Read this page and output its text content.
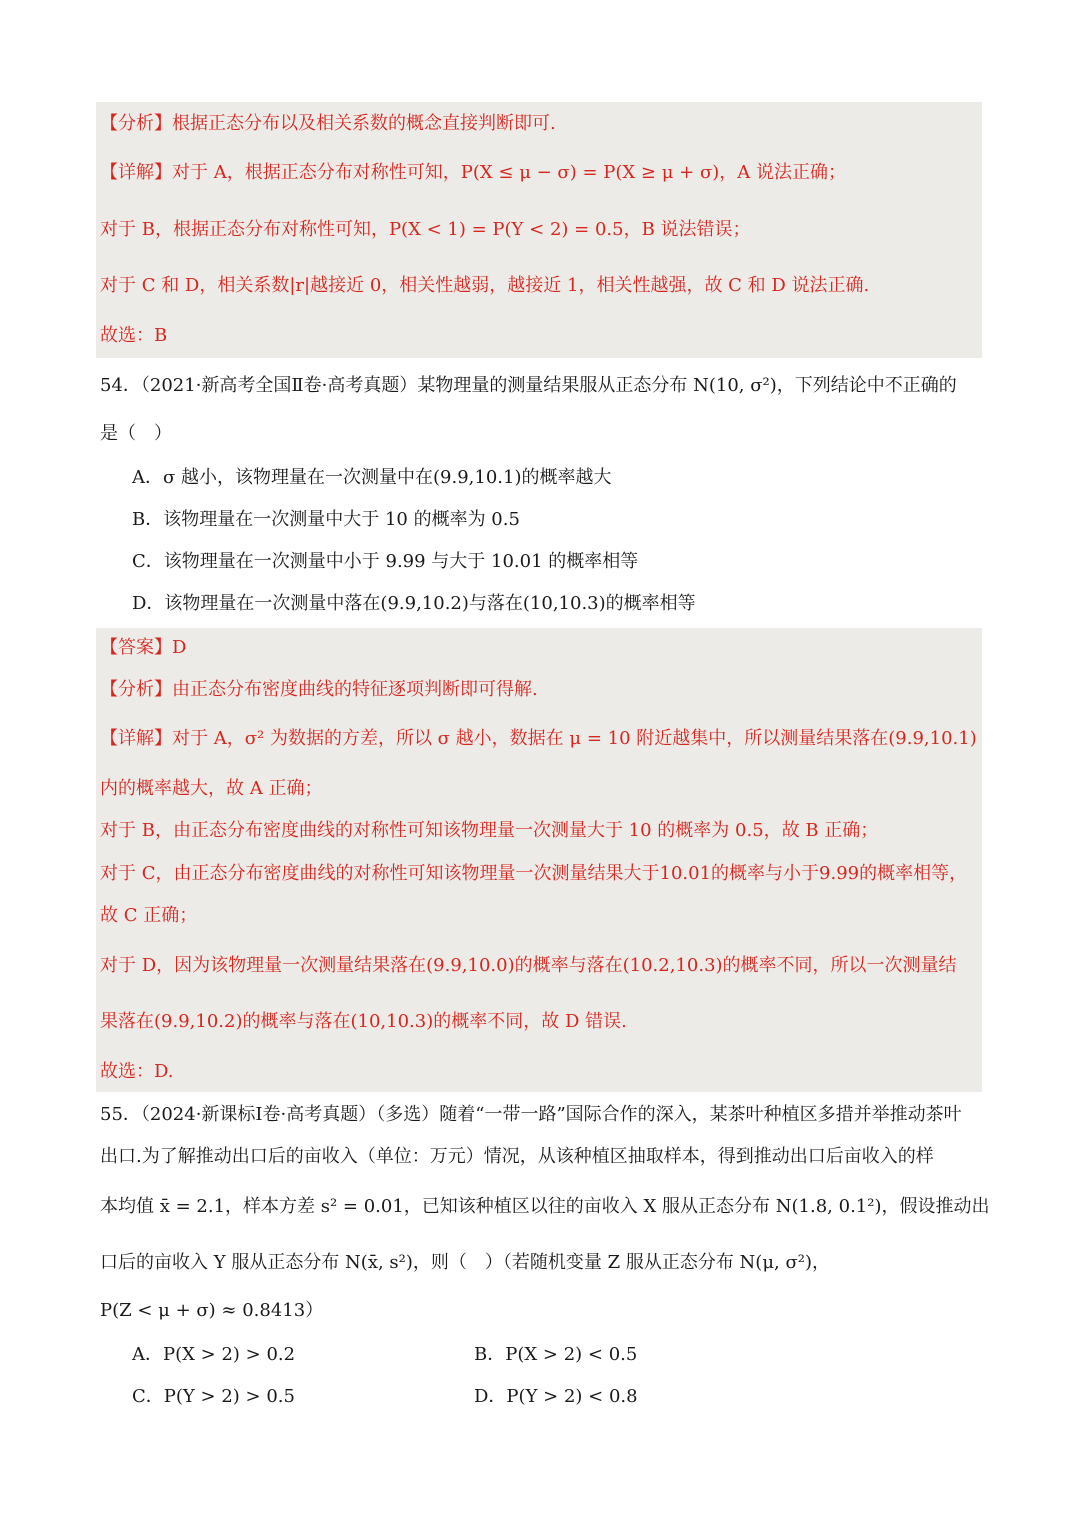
【分析】根据正态分布以及相关系数的概念直接判断即可.
【详解】对于 A，根据正态分布对称性可知，P(X ≤ μ − σ) = P(X ≥ μ + σ)，A 说法正确；
对于 B，根据正态分布对称性可知，P(X < 1) = P(Y < 2) = 0.5，B 说法错误；
对于 C 和 D，相关系数|r|越接近 0，相关性越弱，越接近 1，相关性越强，故 C 和 D 说法正确.
故选：B
54．（2021·新高考全国Ⅱ卷·高考真题）某物理量的测量结果服从正态分布 N(10, σ²)，下列结论中不正确的
是（　）
A．σ 越小，该物理量在一次测量中在(9.9,10.1)的概率越大
B．该物理量在一次测量中大于 10 的概率为 0.5
C．该物理量在一次测量中小于 9.99 与大于 10.01 的概率相等
D．该物理量在一次测量中落在(9.9,10.2)与落在(10,10.3)的概率相等
【答案】D
【分析】由正态分布密度曲线的特征逐项判断即可得解.
【详解】对于 A，σ² 为数据的方差，所以 σ 越小，数据在 μ = 10 附近越集中，所以测量结果落在(9.9,10.1)
内的概率越大，故 A 正确；
对于 B，由正态分布密度曲线的对称性可知该物理量一次测量大于 10 的概率为 0.5，故 B 正确；
对于 C，由正态分布密度曲线的对称性可知该物理量一次测量结果大于10.01的概率与小于9.99的概率相等，
故 C 正确；
对于 D，因为该物理量一次测量结果落在(9.9,10.0)的概率与落在(10.2,10.3)的概率不同，所以一次测量结
果落在(9.9,10.2)的概率与落在(10,10.3)的概率不同，故 D 错误.
故选：D.
55．（2024·新课标Ⅰ卷·高考真题）（多选）随着“一带一路”国际合作的深入，某茶叶种植区多措并举推动茶叶
出口.为了解推动出口后的亩收入（单位：万元）情况，从该种植区抽取样本，得到推动出口后亩收入的样
本均值 x̄ = 2.1，样本方差 s² = 0.01，已知该种植区以往的亩收入 X 服从正态分布 N(1.8, 0.1²)，假设推动出
口后的亩收入 Y 服从正态分布 N(x̄, s²)，则（　）（若随机变量 Z 服从正态分布 N(μ, σ²)，
P(Z < μ + σ) ≈ 0.8413）
A．P(X > 2) > 0.2	B．P(X > 2) < 0.5
C．P(Y > 2) > 0.5	D．P(Y > 2) < 0.8
